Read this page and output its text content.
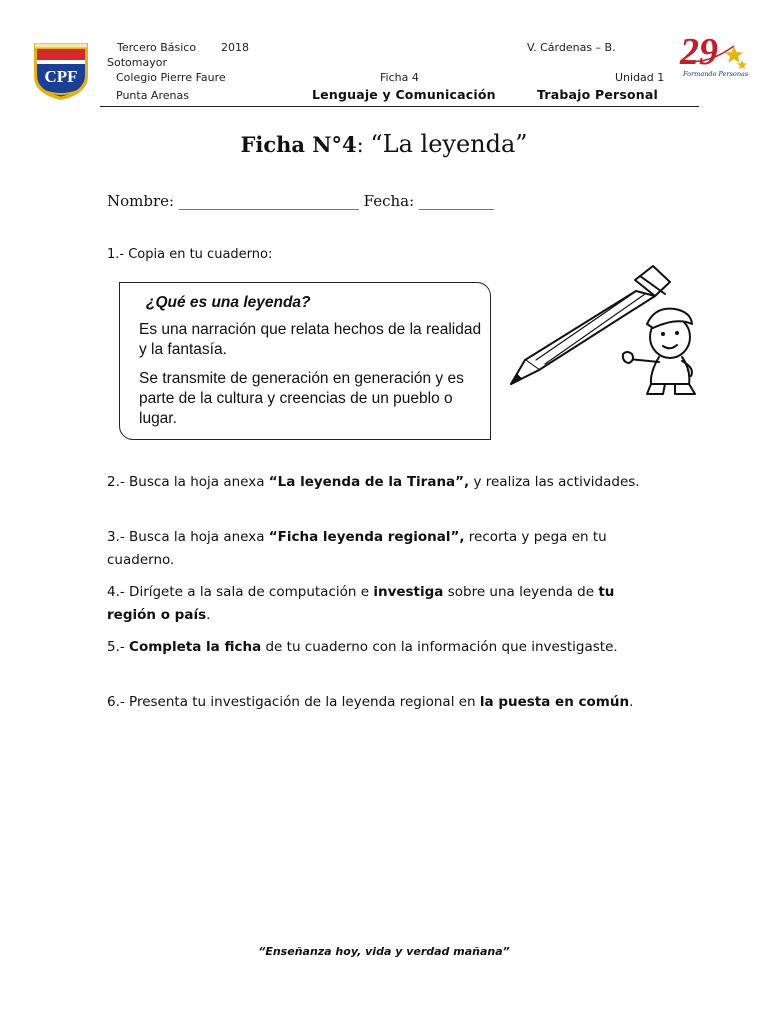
CPF
Tercero Básico 2018	V. Cárdenas – B.
Sotomayor
Colegio Pierre Faure	Ficha 4	Unidad 1
Punta Arenas	Lenguaje y Comunicación	Trabajo Personal
29
Formando Personas
Ficha N°4: “La leyenda”
Nombre: ________________________ Fecha: __________
1.- Copia en tu cuaderno:
¿Qué es una leyenda?
Es una narración que relata hechos de la realidad y la fantasía.
Se transmite de generación en generación y es parte de la cultura y creencias de un pueblo o lugar.
2.- Busca la hoja anexa “La leyenda de la Tirana”, y realiza las actividades.
3.- Busca la hoja anexa “Ficha leyenda regional”, recorta y pega en tu cuaderno.
4.- Dirígete a la sala de computación e investiga sobre una leyenda de tu región o país.
5.- Completa la ficha de tu cuaderno con la información que investigaste.
6.- Presenta tu investigación de la leyenda regional en la puesta en común.
“Enseñanza hoy, vida y verdad mañana”
